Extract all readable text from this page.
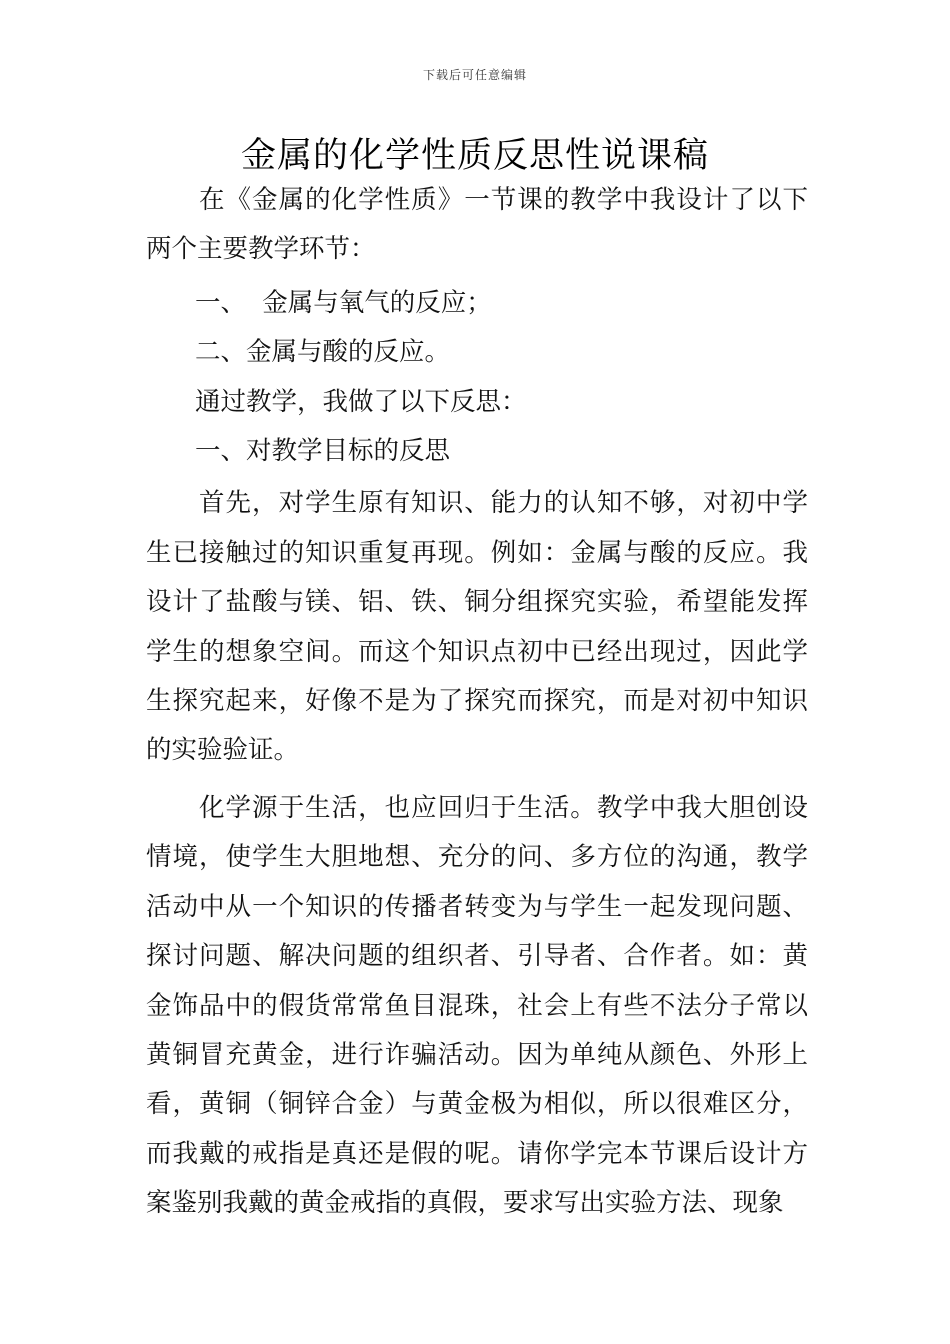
下载后可任意编辑
金属的化学性质反思性说课稿

在《金属的化学性质》一节课的教学中我设计了以下两个主要教学环节：

一、  金属与氧气的反应；

二、金属与酸的反应。

通过教学，我做了以下反思：

一、对教学目标的反思

首先，对学生原有知识、能力的认知不够，对初中学生已接触过的知识重复再现。例如：金属与酸的反应。我设计了盐酸与镁、铝、铁、铜分组探究实验，希望能发挥学生的想象空间。而这个知识点初中已经出现过，因此学生探究起来，好像不是为了探究而探究，而是对初中知识的实验验证。

化学源于生活，也应回归于生活。教学中我大胆创设情境，使学生大胆地想、充分的问、多方位的沟通，教学活动中从一个知识的传播者转变为与学生一起发现问题、探讨问题、解决问题的组织者、引导者、合作者。如：黄金饰品中的假货常常鱼目混珠，社会上有些不法分子常以黄铜冒充黄金，进行诈骗活动。因为单纯从颜色、外形上看，黄铜（铜锌合金）与黄金极为相似，所以很难区分，而我戴的戒指是真还是假的呢。请你学完本节课后设计方案鉴别我戴的黄金戒指的真假，要求写出实验方法、现象
